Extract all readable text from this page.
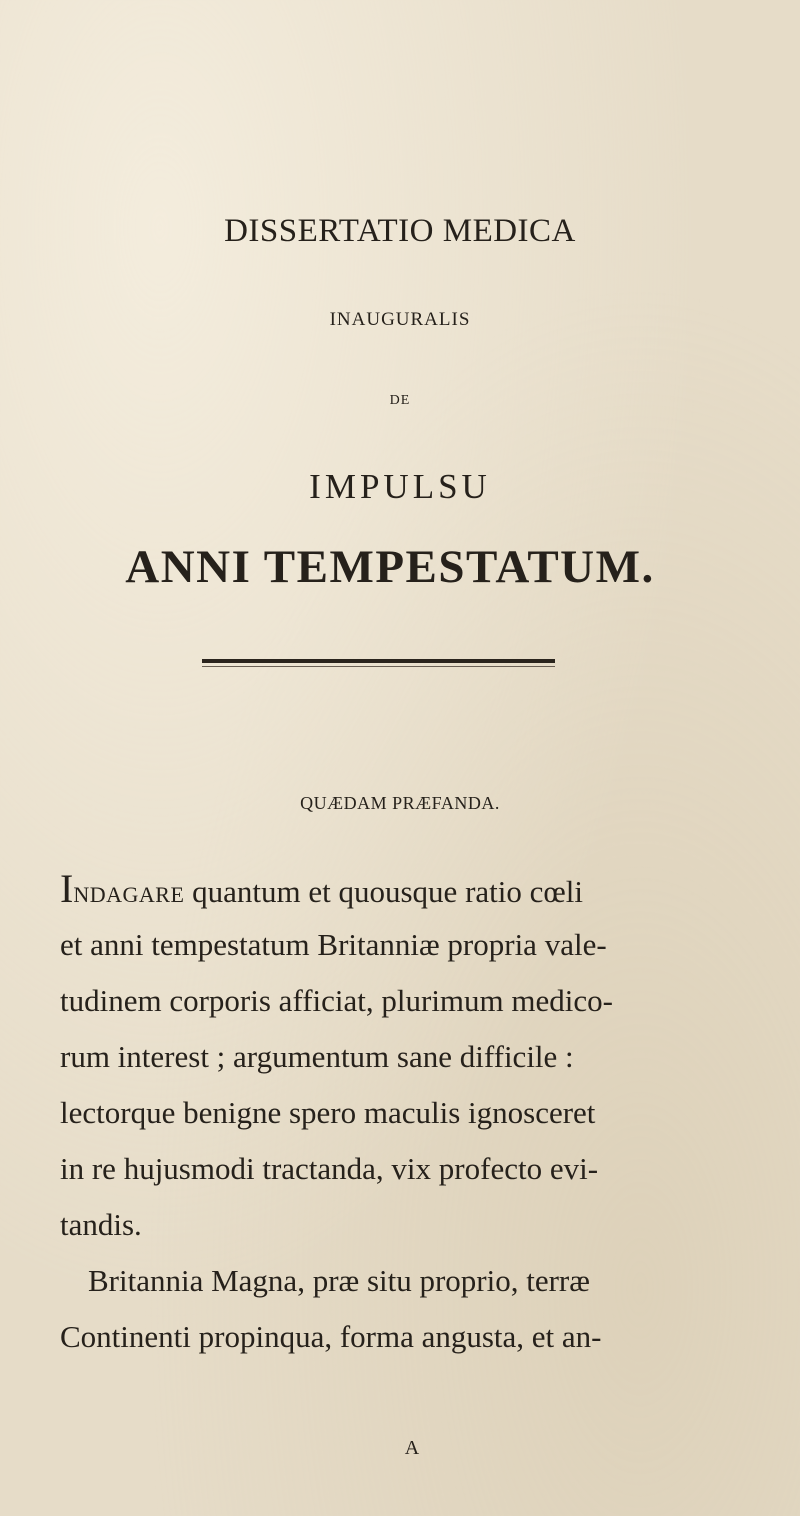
DISSERTATIO MEDICA
INAUGURALIS
DE
IMPULSU
ANNI TEMPESTATUM.
QUÆDAM PRÆFANDA.
Indagare quantum et quousque ratio cœli
et anni tempestatum Britanniæ propria vale-
tudinem corporis afficiat, plurimum medico-
rum interest ; argumentum sane difficile :
lectorque benigne spero maculis ignosceret
in re hujusmodi tractanda, vix profecto evi-
tandis.
Britannia Magna, præ situ proprio, terræ
Continenti propinqua, forma angusta, et an-
A
